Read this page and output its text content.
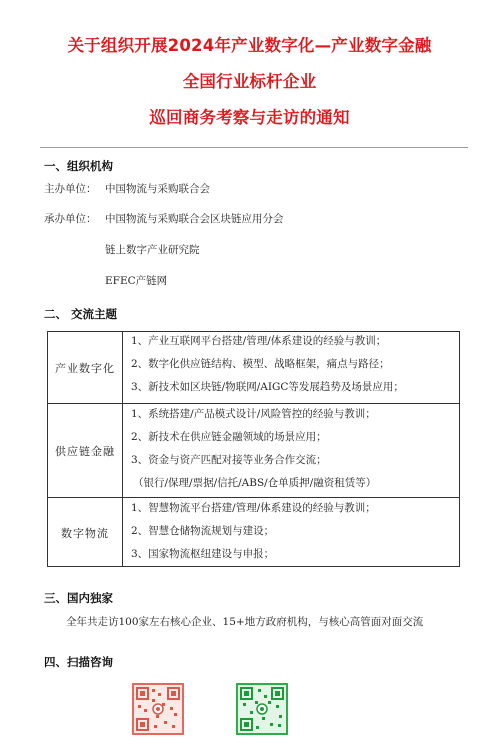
关于组织开展2024年产业数字化—产业数字金融
全国行业标杆企业
巡回商务考察与走访的通知
一、组织机构
主办单位： 中国物流与采购联合会
承办单位： 中国物流与采购联合会区块链应用分会
链上数字产业研究院
EFEC产链网
二、 交流主题
产业数字化
1、产业互联网平台搭建/管理/体系建设的经验与教训；
2、数字化供应链结构、模型、战略框架，痛点与路径；
3、新技术如区块链/物联网/AIGC等发展趋势及场景应用；
供应链金融
1、系统搭建/产品模式设计/风险管控的经验与教训；
2、新技术在供应链金融领域的场景应用；
3、资金与资产匹配对接等业务合作交流；
（银行/保理/票据/信托/ABS/仓单质押/融资租赁等）
数字物流
1、智慧物流平台搭建/管理/体系建设的经验与教训；
2、智慧仓储物流规划与建设；
3、国家物流枢纽建设与申报；
三、国内独家
全年共走访100家左右核心企业、15+地方政府机构，与核心高管面对面交流
四、扫描咨询
